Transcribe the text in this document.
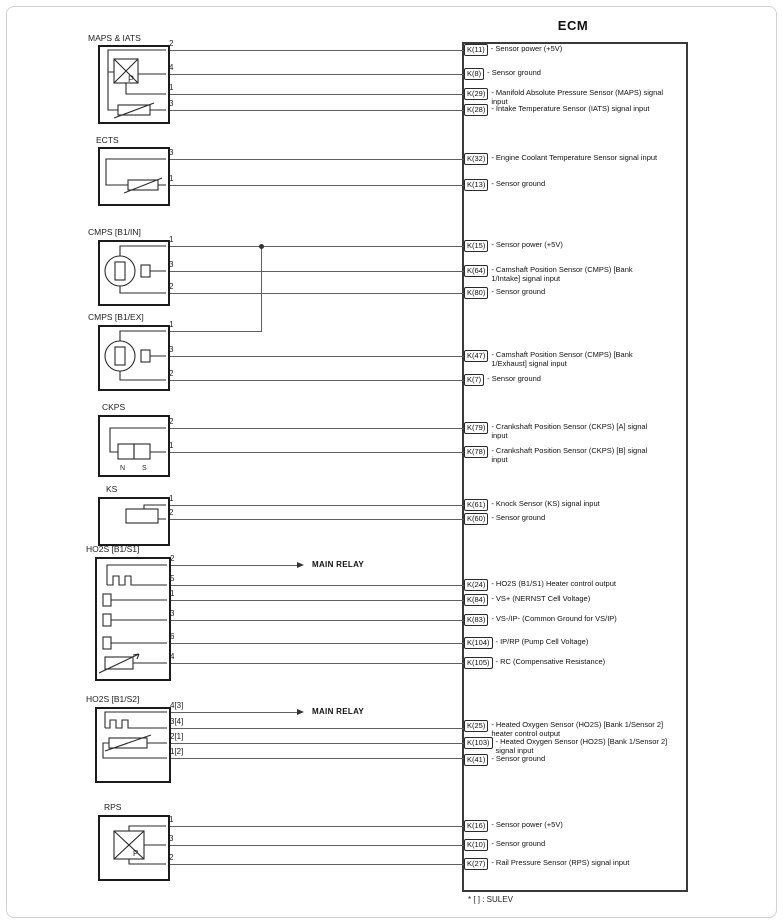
ECM
MAIN RELAY
MAIN RELAY
MAPS & IATS
P
2
4
1
3
ECTS
3
1
CMPS [B1/IN]
1
3
2
CMPS [B1/EX]
1
3
2
CKPS
N S
2
1
KS
1
2
HO2S [B1/S1]
2
5
1
3
6
4
HO2S [B1/S2]
4[3]
3[4]
2[1]
1[2]
RPS
P
1
3
2
K(11) - Sensor power (+5V)
K(8) - Sensor ground
K(29) - Manifold Absolute Pressure Sensor (MAPS) signal input
K(28) - Intake Temperature Sensor (IATS) signal input
K(32) - Engine Coolant Temperature Sensor signal input
K(13) - Sensor ground
K(15) - Sensor power (+5V)
K(64) - Camshaft Position Sensor (CMPS) [Bank 1/Intake] signal input
K(80) - Sensor ground
K(47) - Camshaft Position Sensor (CMPS) [Bank 1/Exhaust] signal input
K(7) - Sensor ground
K(79) - Crankshaft Position Sensor (CKPS) [A] signal input
K(78) - Crankshaft Position Sensor (CKPS) [B] signal input
K(61) - Knock Sensor (KS) signal input
K(60) - Sensor ground
K(24) - HO2S (B1/S1) Heater control output
K(84) - VS+ (NERNST Cell Voltage)
K(83) - VS-/IP- (Common Ground for VS/IP)
K(104) - IP/RP (Pump Cell Voltage)
K(105) - RC (Compensative Resistance)
K(25) - Heated Oxygen Sensor (HO2S) [Bank 1/Sensor 2] heater control output
K(103) - Heated Oxygen Sensor (HO2S) [Bank 1/Sensor 2] signal input
K(41) - Sensor ground
K(16) - Sensor power (+5V)
K(10) - Sensor ground
K(27) - Rail Pressure Sensor (RPS) signal input
* [ ] : SULEV
